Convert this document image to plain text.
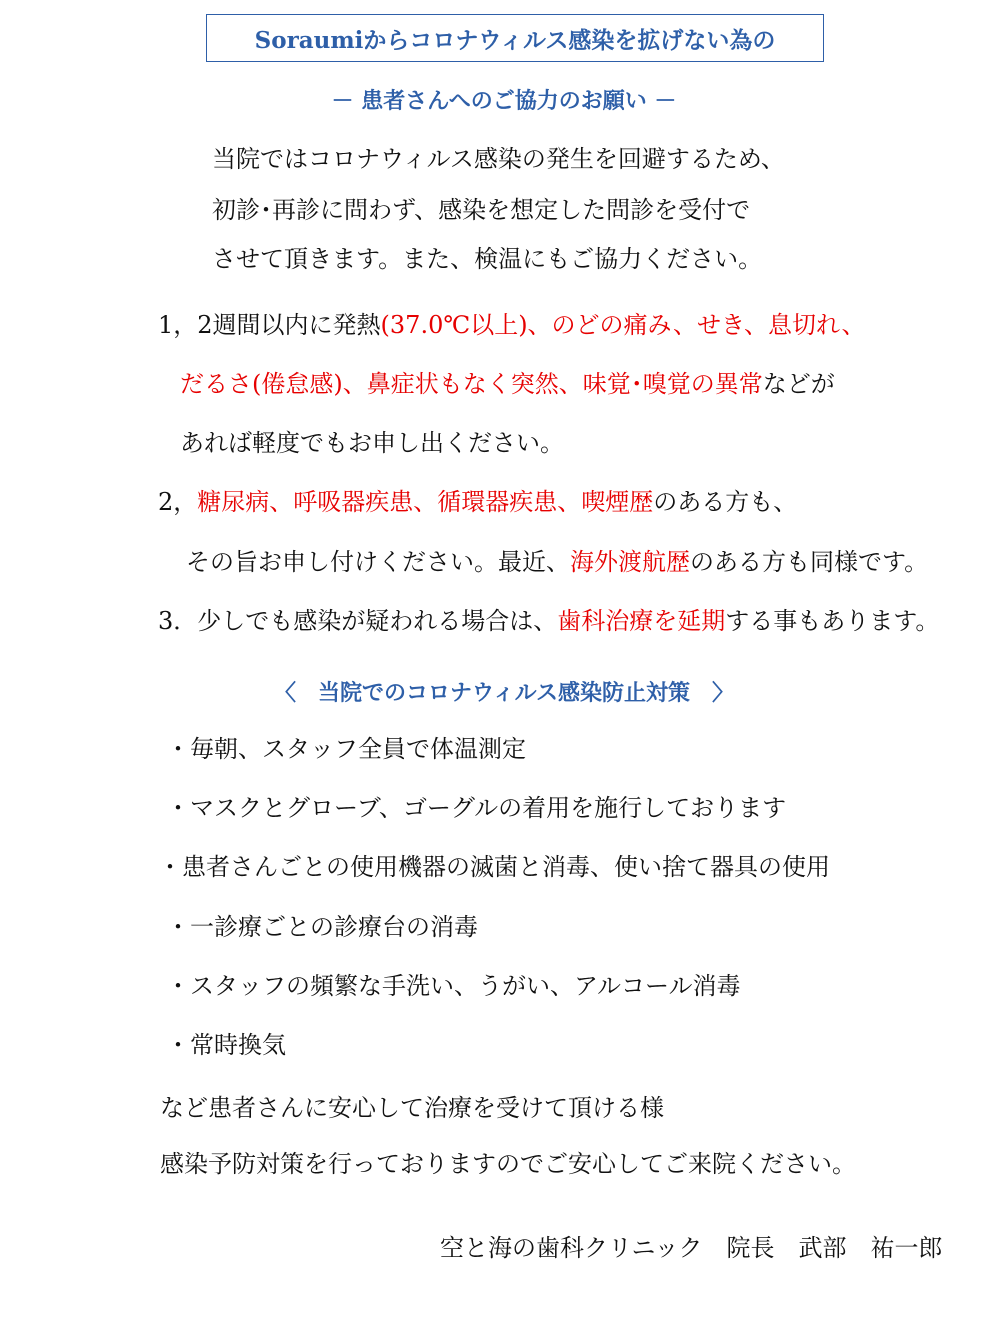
Soraumiからコロナウィルス感染を拡げない為の
－ 患者さんへのご協力のお願い －
当院ではコロナウィルス感染の発生を回避するため、
初診･再診に問わず、感染を想定した問診を受付で
させて頂きます。また、検温にもご協力ください。
1，2週間以内に発熱(37.0℃以上)、のどの痛み、せき、息切れ、
だるさ(倦怠感)、鼻症状もなく突然、味覚･嗅覚の異常などが
あれば軽度でもお申し出ください。
2，糖尿病、呼吸器疾患、循環器疾患、喫煙歴のある方も、
その旨お申し付けください。最近、海外渡航歴のある方も同様です。
3．少しでも感染が疑われる場合は、歯科治療を延期する事もあります。
〈　当院でのコロナウィルス感染防止対策　〉
・毎朝、スタッフ全員で体温測定
・マスクとグローブ、ゴーグルの着用を施行しております
・患者さんごとの使用機器の滅菌と消毒、使い捨て器具の使用
・一診療ごとの診療台の消毒
・スタッフの頻繁な手洗い、うがい、アルコール消毒
・常時換気
など患者さんに安心して治療を受けて頂ける様
感染予防対策を行っておりますのでご安心してご来院ください。
空と海の歯科クリニック　院長　武部　祐一郎
